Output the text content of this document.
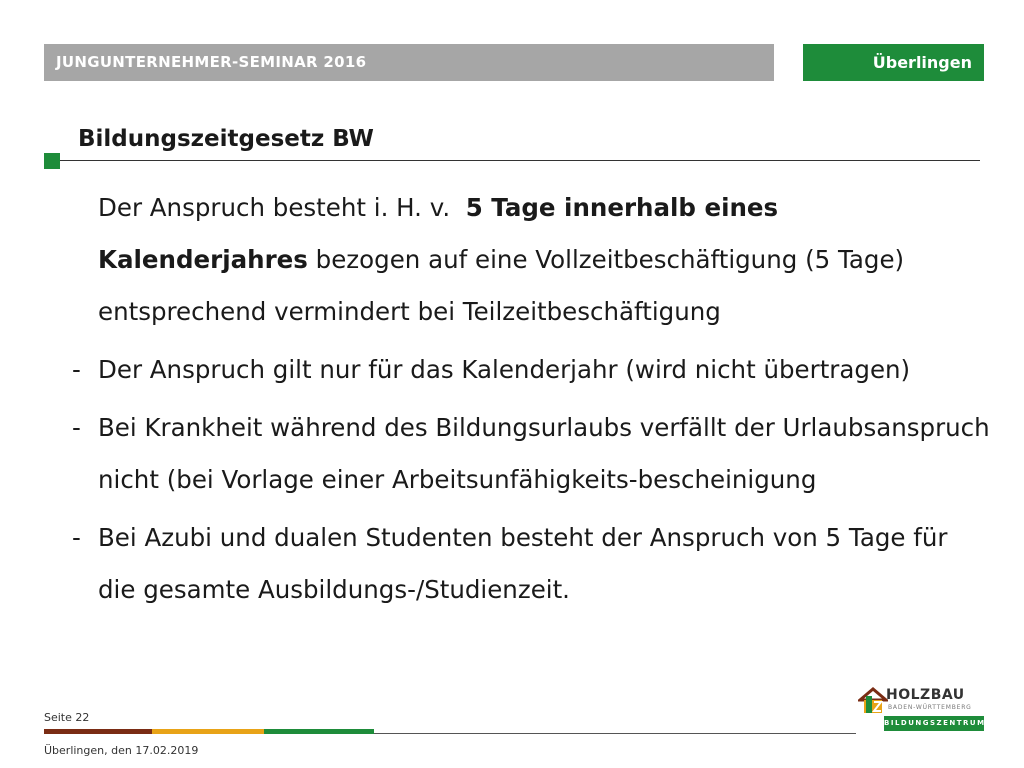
JUNGUNTERNEHMER-SEMINAR 2016	Überlingen
Bildungszeitgesetz BW

Der Anspruch besteht i. H. v. 5 Tage innerhalb eines Kalenderjahres bezogen auf eine Vollzeitbeschäftigung (5 Tage) entsprechend vermindert bei Teilzeitbeschäftigung

- Der Anspruch gilt nur für das Kalenderjahr (wird nicht übertragen)

- Bei Krankheit während des Bildungsurlaubs verfällt der Urlaubsanspruch nicht (bei Vorlage einer Arbeitsunfähigkeits-bescheinigung

- Bei Azubi und dualen Studenten besteht der Anspruch von 5 Tage für die gesamte Ausbildungs-/Studienzeit.

Seite 22
Überlingen, den 17.02.2019
HOLZBAU
BADEN-WÜRTTEMBERG
BILDUNGSZENTRUM
